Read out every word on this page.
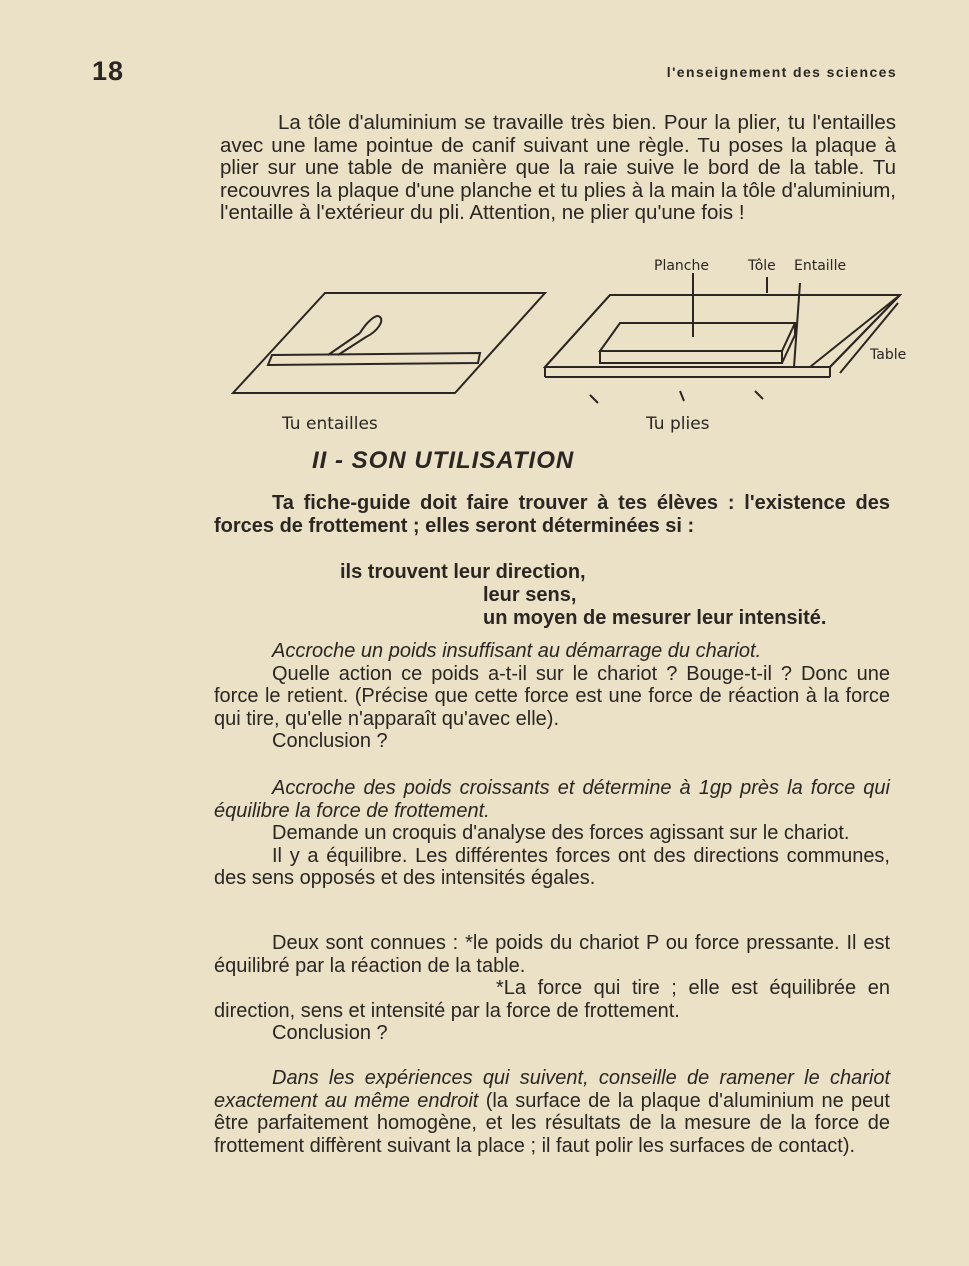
18	l'enseignement des sciences

La tôle d'aluminium se travaille très bien. Pour la plier, tu l'entailles avec une lame pointue de canif suivant une règle. Tu poses la plaque à plier sur une table de manière que la raie suive le bord de la table. Tu recouvres la plaque d'une planche et tu plies à la main la tôle d'aluminium, l'entaille à l'extérieur du pli. Attention, ne plier qu'une fois !

Planche	Tôle Entaille
Table
Tu entailles	Tu plies
II - SON UTILISATION

Ta fiche-guide doit faire trouver à tes élèves : l'existence des forces de frottement ; elles seront déterminées si :

ils trouvent leur direction,
leur sens,
un moyen de mesurer leur intensité.

Accroche un poids insuffisant au démarrage du chariot.
Quelle action ce poids a-t-il sur le chariot ? Bouge-t-il ? Donc une force le retient. (Précise que cette force est une force de réaction à la force qui tire, qu'elle n'apparaît qu'avec elle).
Conclusion ?

Accroche des poids croissants et détermine à 1gp près la force qui équilibre la force de frottement.
Demande un croquis d'analyse des forces agissant sur le chariot.
Il y a équilibre. Les différentes forces ont des directions communes, des sens opposés et des intensités égales.

Deux sont connues : *le poids du chariot P ou force pressante. Il est équilibré par la réaction de la table.
*La force qui tire ; elle est équilibrée en direction, sens et intensité par la force de frottement.
Conclusion ?

Dans les expériences qui suivent, conseille de ramener le chariot exactement au même endroit (la surface de la plaque d'aluminium ne peut être parfaitement homogène, et les résultats de la mesure de la force de frottement diffèrent suivant la place ; il faut polir les surfaces de contact).
